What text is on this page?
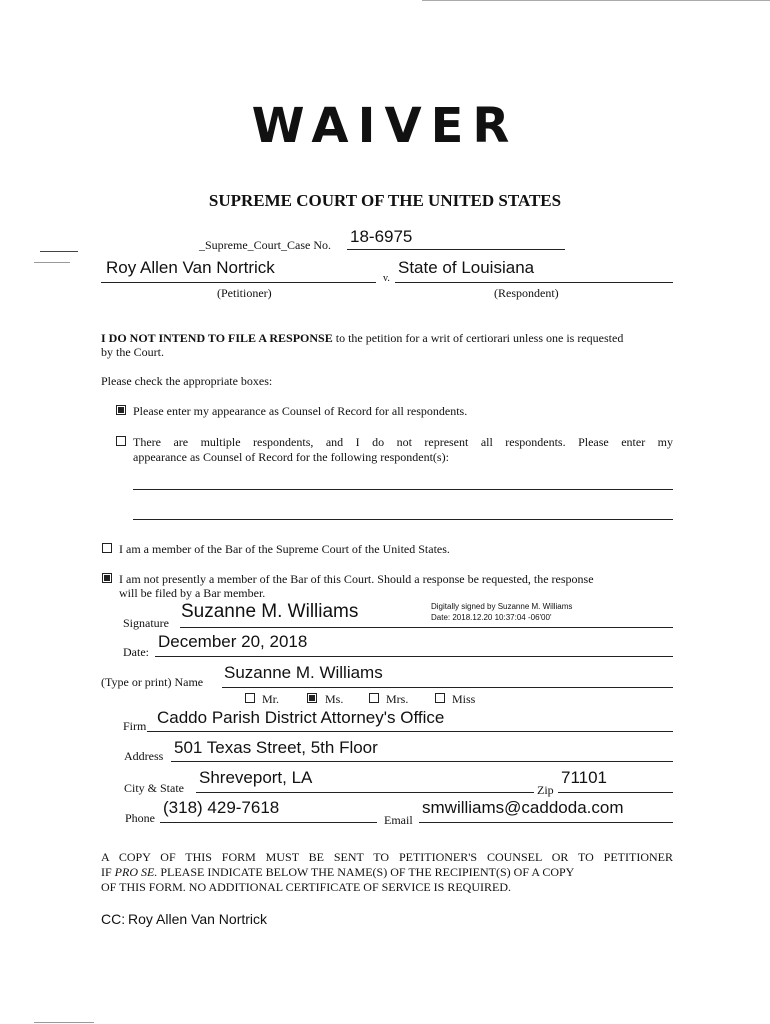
WAIVER
SUPREME COURT OF THE UNITED STATES
_Supreme_Court_Case No. 18-6975
Roy Allen Van Nortrick
v.
State of Louisiana
(Petitioner)	(Respondent)
I DO NOT INTEND TO FILE A RESPONSE to the petition for a writ of certiorari unless one is requested
by the Court.
Please check the appropriate boxes:
Please enter my appearance as Counsel of Record for all respondents.
There are multiple respondents, and I do not represent all respondents. Please enter my
appearance as Counsel of Record for the following respondent(s):
I am a member of the Bar of the Supreme Court of the United States.
I am not presently a member of the Bar of this Court. Should a response be requested, the response
will be filed by a Bar member.
Signature
Suzanne M. Williams	Digitally signed by Suzanne M. Williams
Date: 2018.12.20 10:37:04 -06'00'
Date:
December 20, 2018
(Type or print) Name Suzanne M. Williams
Mr.	Ms.	Mrs.	Miss
Firm Caddo Parish District Attorney's Office
Address 501 Texas Street, 5th Floor
City & State
Shreveport, LA
Zip
71101
Phone
(318) 429-7618
Email
smwilliams@caddoda.com
A COPY OF THIS FORM MUST BE SENT TO PETITIONER'S COUNSEL OR TO PETITIONER
IF PRO SE. PLEASE INDICATE BELOW THE NAME(S) OF THE RECIPIENT(S) OF A COPY
OF THIS FORM. NO ADDITIONAL CERTIFICATE OF SERVICE IS REQUIRED.
CC: Roy Allen Van Nortrick
